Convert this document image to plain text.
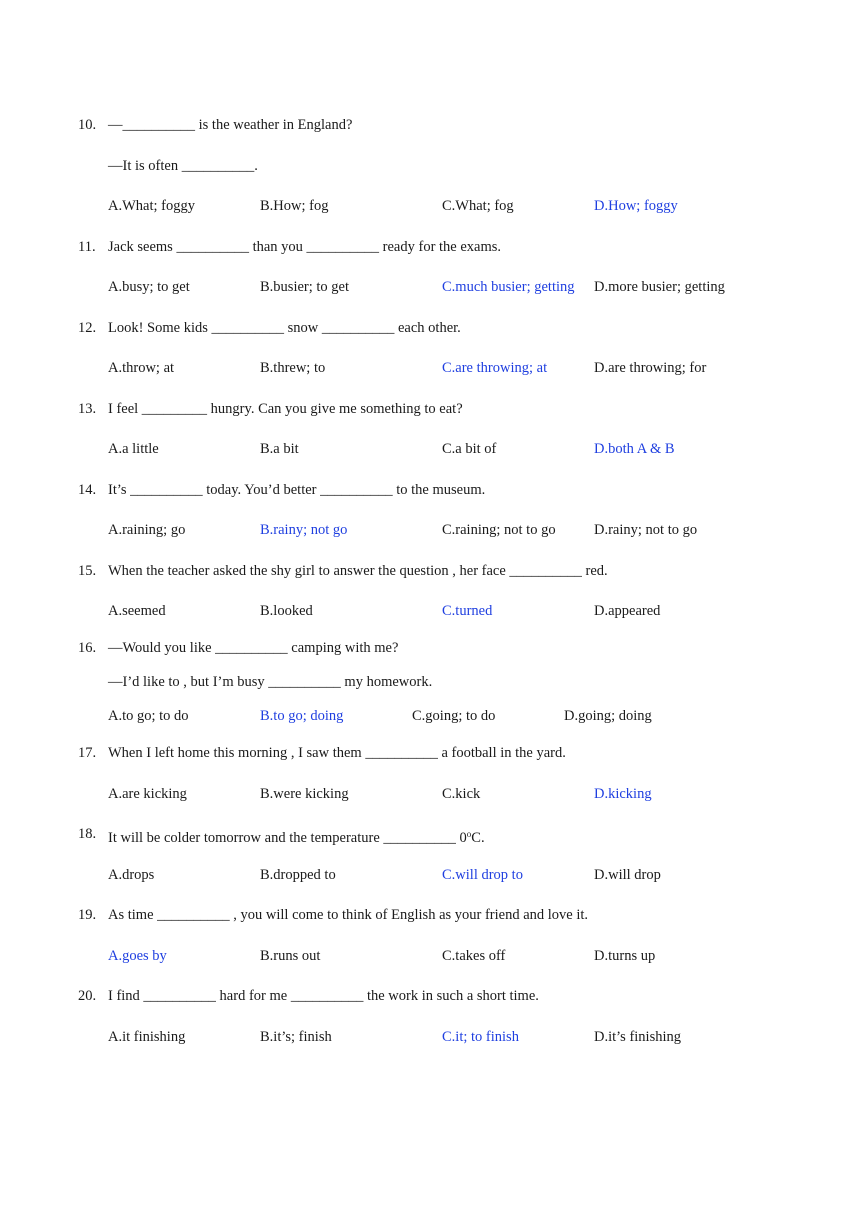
10. —__________ is the weather in England?
—It is often __________.
A.What; foggy	B.How; fog	C.What; fog	D.How; foggy
11. Jack seems __________ than you __________ ready for the exams.
A.busy; to get	B.busier; to get	C.much busier; getting D.more busier; getting
12. Look! Some kids __________ snow __________ each other.
A.throw; at	B.threw; to	C.are throwing; at	D.are throwing; for
13. I feel _________ hungry. Can you give me something to eat?
A.a little	B.a bit	C.a bit of	D.both A & B
14. It’s __________ today. You’d better __________ to the museum.
A.raining; go	B.rainy; not go	C.raining; not to go	D.rainy; not to go
15. When the teacher asked the shy girl to answer the question , her face __________ red.
A.seemed	B.looked	C.turned	D.appeared
16. —Would you like __________ camping with me?
—I’d like to , but I’m busy __________ my homework.
A.to go; to do	B.to go; doing	C.going; to do	D.going; doing
17. When I left home this morning , I saw them __________ a football in the yard.
A.are kicking	B.were kicking	C.kick	D.kicking
18. It will be colder tomorrow and the temperature __________ 0$^o$C.
A.drops	B.dropped to	C.will drop to	D.will drop
19. As time __________ , you will come to think of English as your friend and love it.
A.goes by	B.runs out	C.takes off	D.turns up
20. I find __________ hard for me __________ the work in such a short time.
A.it finishing	B.it’s; finish	C.it; to finish	D.it’s finishing
